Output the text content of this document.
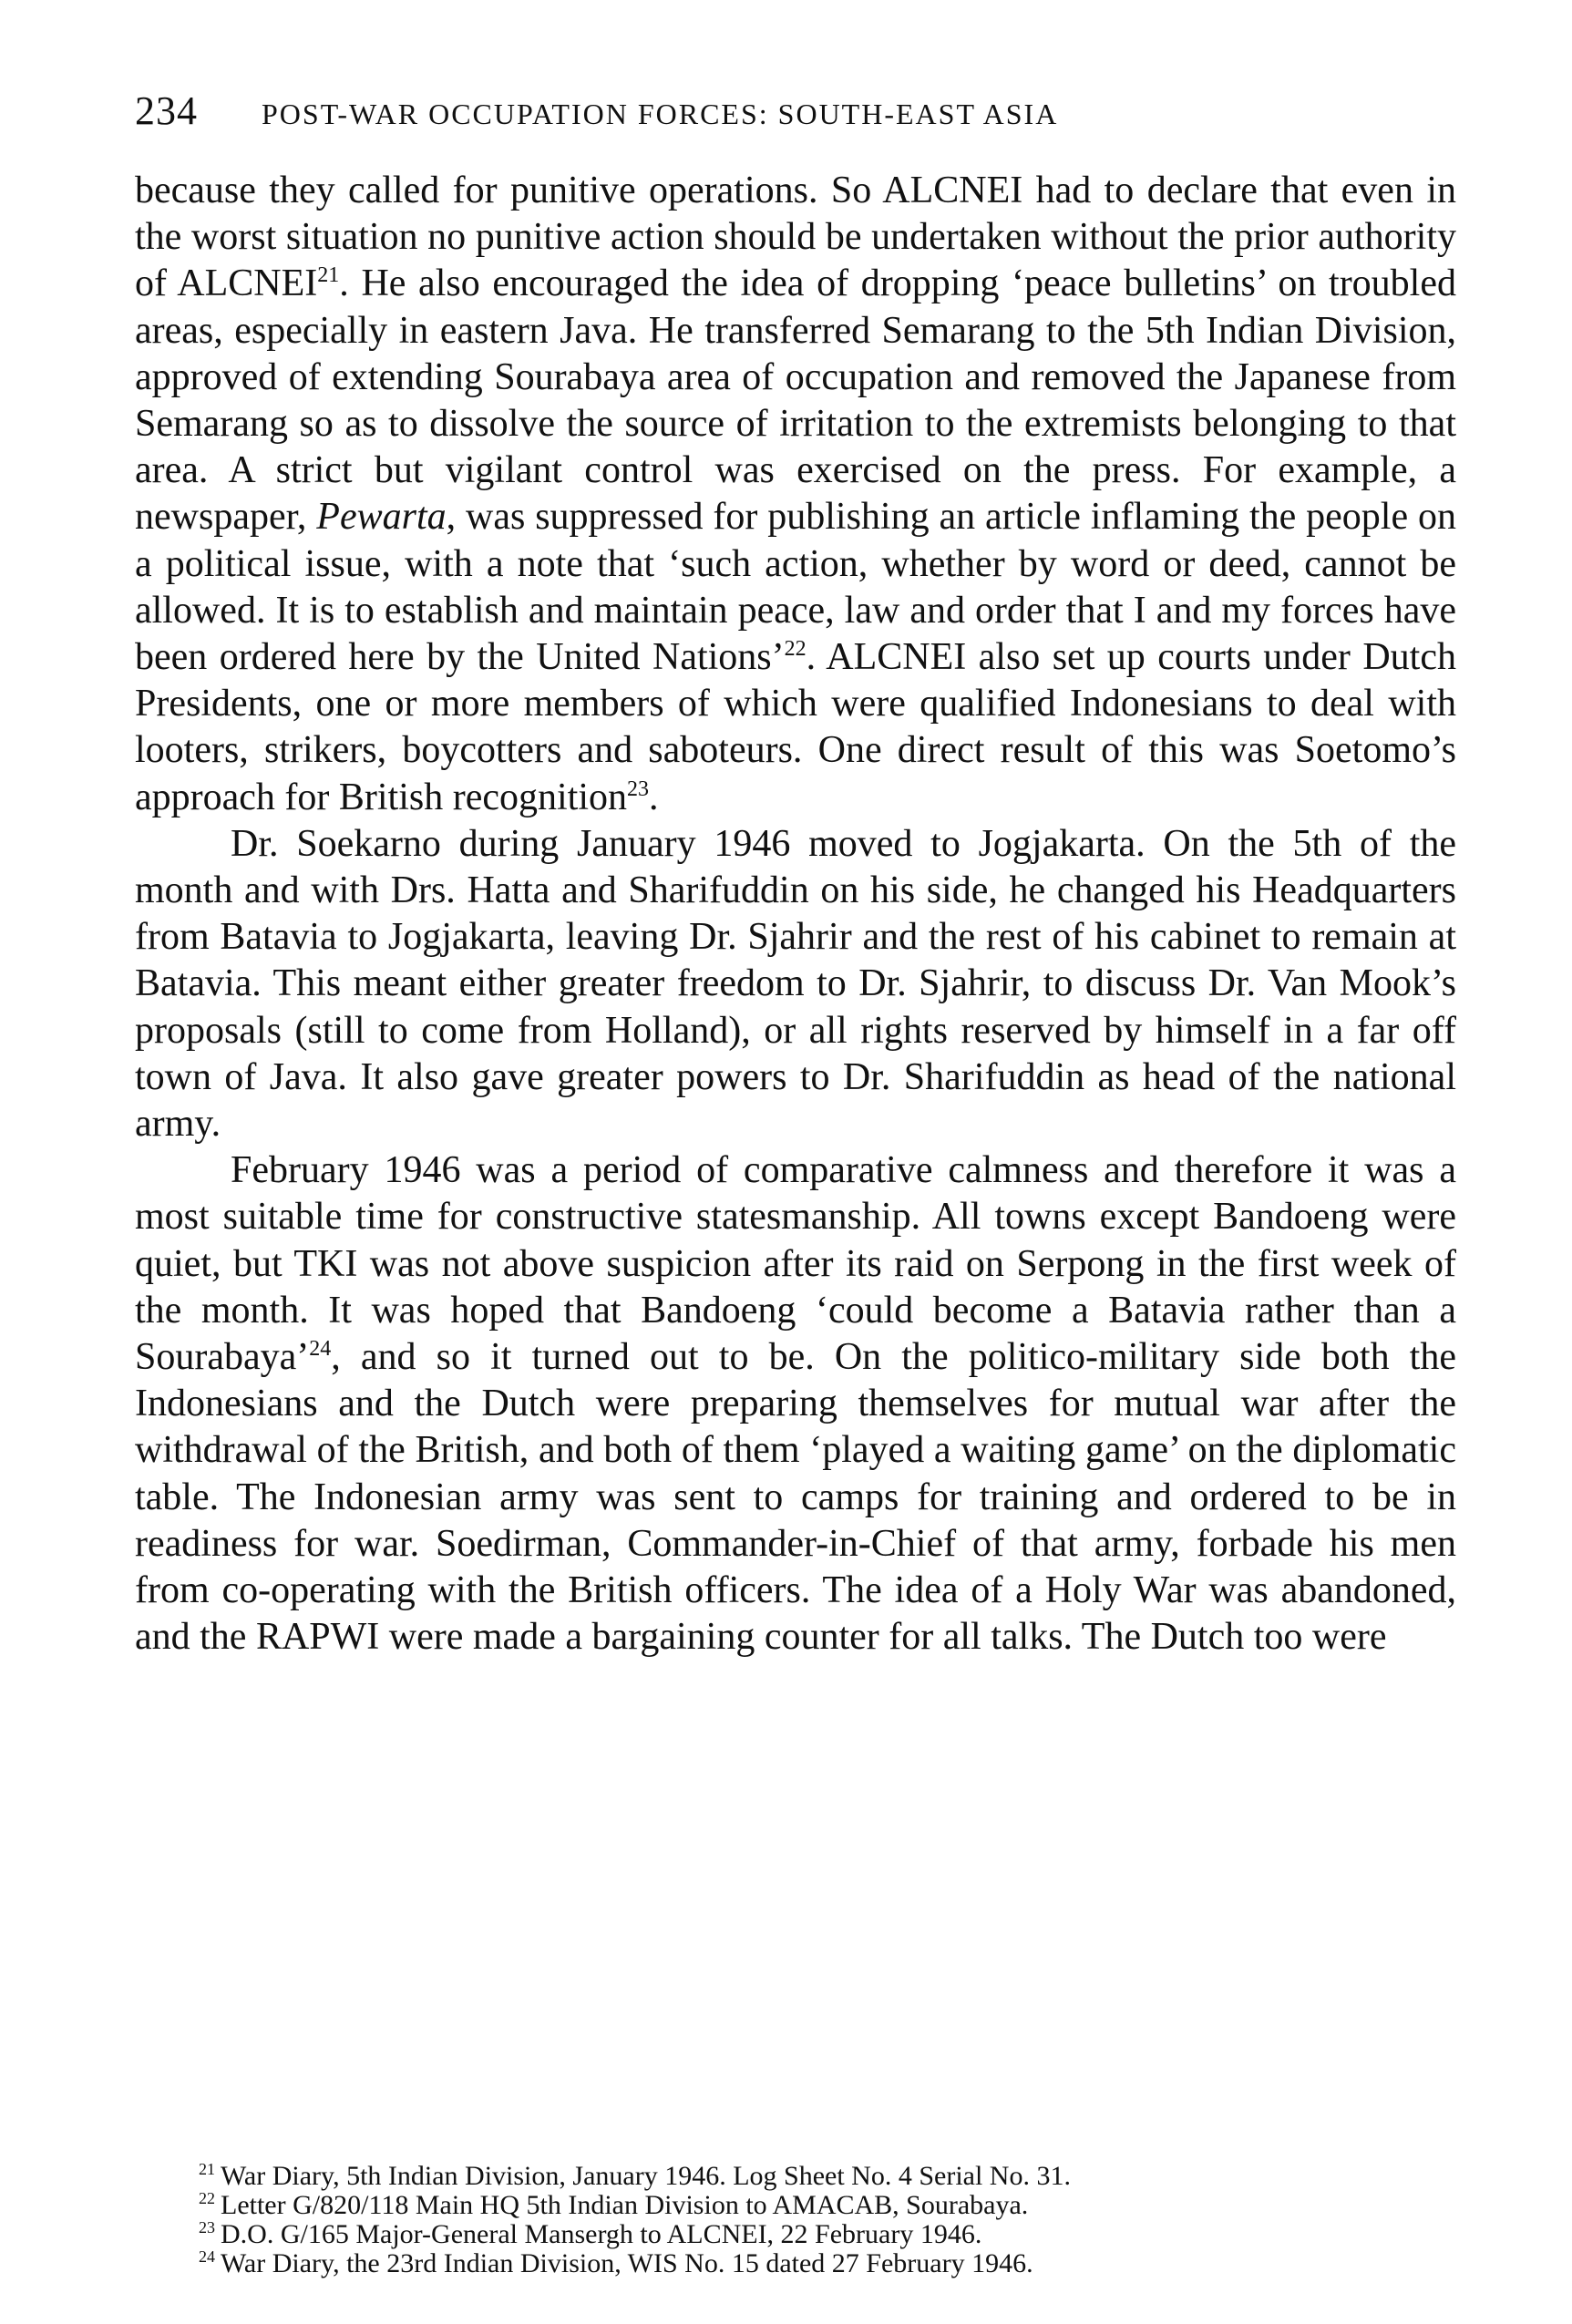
234 POST-WAR OCCUPATION FORCES: SOUTH-EAST ASIA

because they called for punitive operations. So ALCNEI had to declare that even in the worst situation no punitive action should be undertaken without the prior authority of ALCNEI$^{21}$. He also encouraged the idea of dropping ‘peace bulletins’ on troubled areas, especially in eastern Java. He transferred Semarang to the 5th Indian Division, approved of extending Sourabaya area of occupation and removed the Japanese from Semarang so as to dissolve the source of irritation to the extremists belonging to that area. A strict but vigilant control was exercised on the press. For example, a newspaper, Pewarta, was suppressed for publishing an article inflaming the people on a political issue, with a note that ‘such action, whether by word or deed, cannot be allowed. It is to establish and maintain peace, law and order that I and my forces have been ordered here by the United Nations’$^{22}$. ALCNEI also set up courts under Dutch Presidents, one or more members of which were qualified Indonesians to deal with looters, strikers, boycotters and saboteurs. One direct result of this was Soetomo’s approach for British recognition$^{23}$.

Dr. Soekarno during January 1946 moved to Jogjakarta. On the 5th of the month and with Drs. Hatta and Sharifuddin on his side, he changed his Headquarters from Batavia to Jogjakarta, leaving Dr. Sjahrir and the rest of his cabinet to remain at Batavia. This meant either greater freedom to Dr. Sjahrir, to discuss Dr. Van Mook’s proposals (still to come from Holland), or all rights reserved by himself in a far off town of Java. It also gave greater powers to Dr. Sharifuddin as head of the national army.

February 1946 was a period of comparative calmness and therefore it was a most suitable time for constructive statesmanship. All towns except Bandoeng were quiet, but TKI was not above suspicion after its raid on Serpong in the first week of the month. It was hoped that Bandoeng ‘could become a Batavia rather than a Sourabaya’$^{24}$, and so it turned out to be. On the politico-military side both the Indonesians and the Dutch were preparing themselves for mutual war after the withdrawal of the British, and both of them ‘played a waiting game’ on the diplomatic table. The Indonesian army was sent to camps for training and ordered to be in readiness for war. Soedirman, Commander-in-Chief of that army, forbade his men from co-operating with the British officers. The idea of a Holy War was abandoned, and the RAPWI were made a bargaining counter for all talks. The Dutch too were

$^{21}$ War Diary, 5th Indian Division, January 1946. Log Sheet No. 4 Serial No. 31.
$^{22}$ Letter G/820/118 Main HQ 5th Indian Division to AMACAB, Sourabaya.
$^{23}$ D.O. G/165 Major-General Mansergh to ALCNEI, 22 February 1946.
$^{24}$ War Diary, the 23rd Indian Division, WIS No. 15 dated 27 February 1946.
